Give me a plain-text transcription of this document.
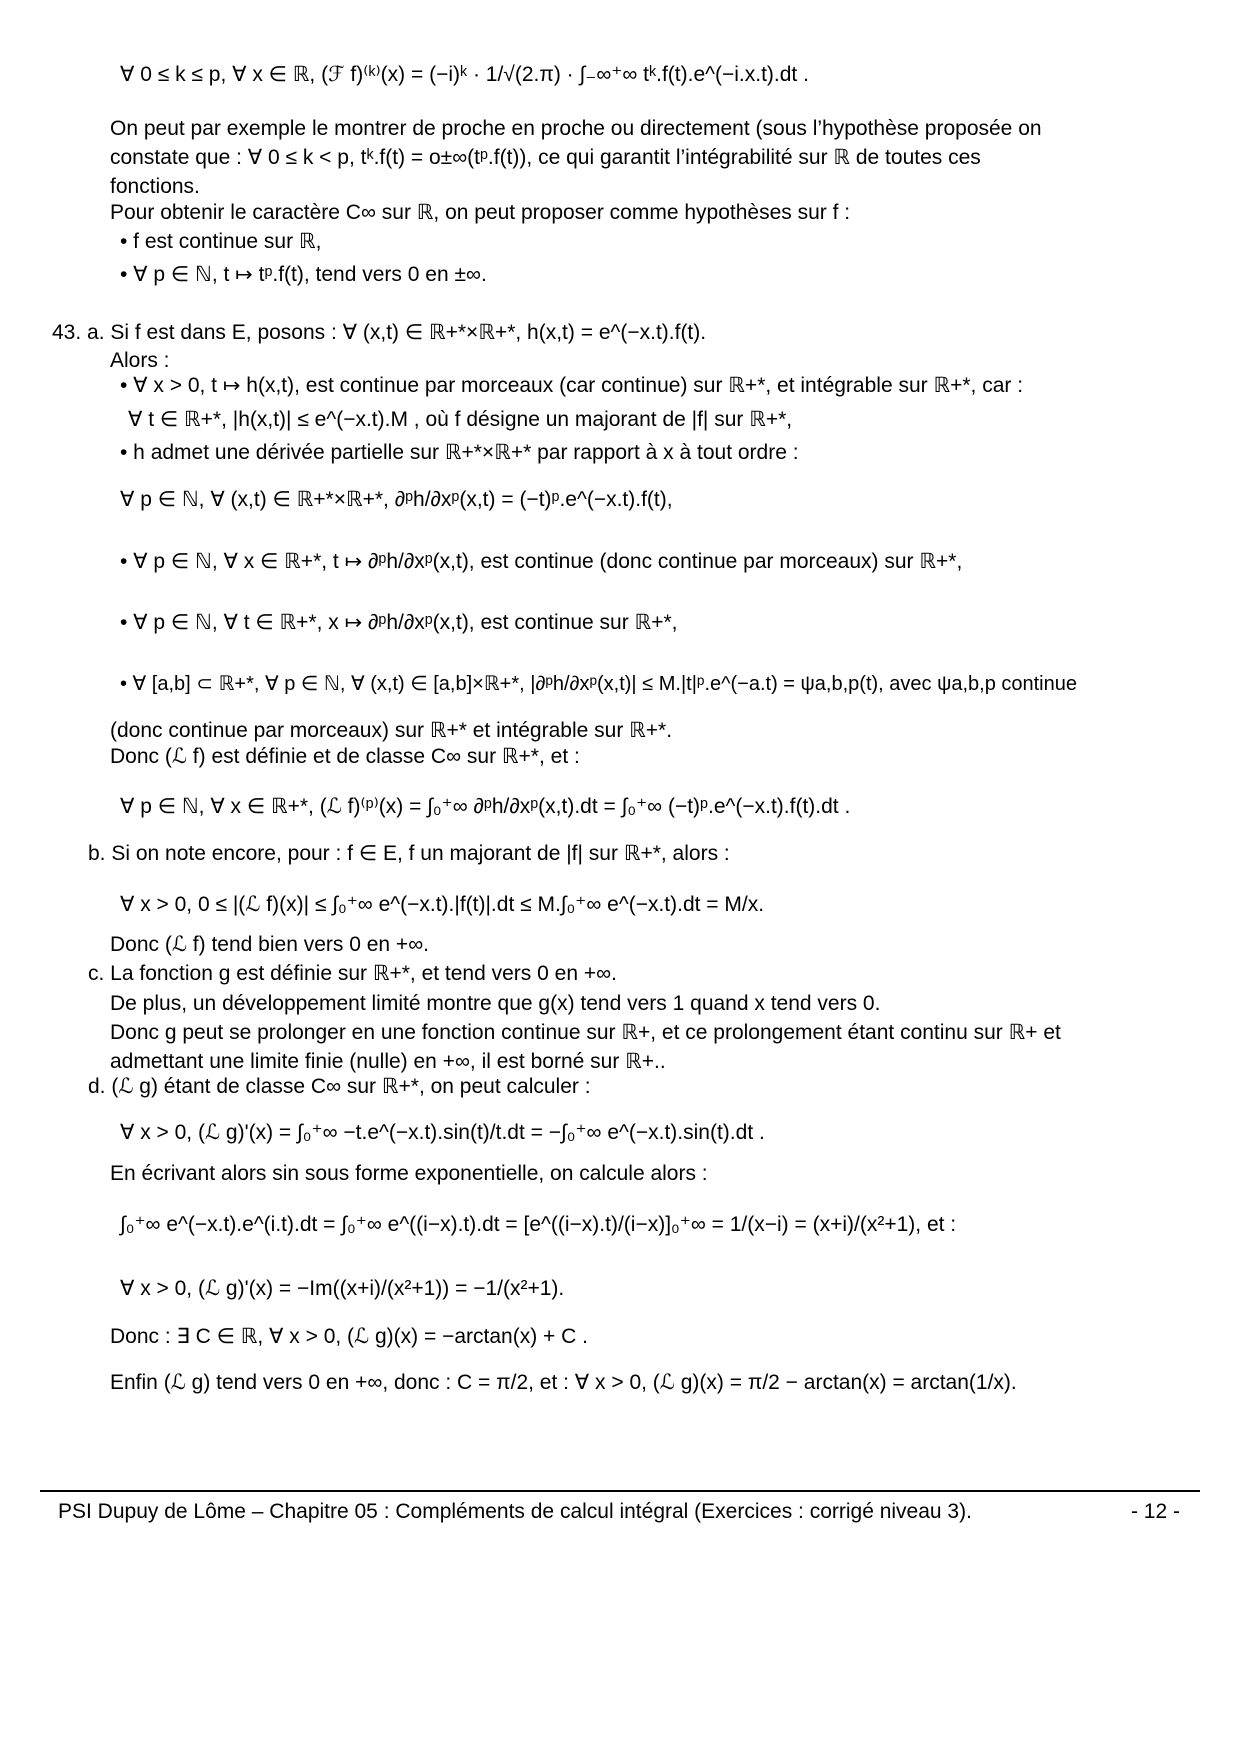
∀ 0 ≤ k ≤ p, ∀ x ∈ ℝ, (ℱ f)⁽ᵏ⁾(x) = (−i)ᵏ · 1/√(2.π) · ∫₋∞⁺∞ tᵏ.f(t).e^(−i.x.t).dt .
On peut par exemple le montrer de proche en proche ou directement (sous l’hypothèse proposée on
constate que : ∀ 0 ≤ k < p, tᵏ.f(t) = o±∞(tᵖ.f(t)), ce qui garantit l’intégrabilité sur ℝ de toutes ces
fonctions.
Pour obtenir le caractère C∞ sur ℝ, on peut proposer comme hypothèses sur f :
• f est continue sur ℝ,
• ∀ p ∈ ℕ, t ↦ tᵖ.f(t), tend vers 0 en ±∞.
43. a. Si f est dans E, posons : ∀ (x,t) ∈ ℝ+*×ℝ+*, h(x,t) = e^(−x.t).f(t).
Alors :
• ∀ x > 0, t ↦ h(x,t), est continue par morceaux (car continue) sur ℝ+*, et intégrable sur ℝ+*, car :
∀ t ∈ ℝ+*, |h(x,t)| ≤ e^(−x.t).M , où f désigne un majorant de |f| sur ℝ+*,
• h admet une dérivée partielle sur ℝ+*×ℝ+* par rapport à x à tout ordre :
∀ p ∈ ℕ, ∀ (x,t) ∈ ℝ+*×ℝ+*, ∂ᵖh/∂xᵖ(x,t) = (−t)ᵖ.e^(−x.t).f(t),
• ∀ p ∈ ℕ, ∀ x ∈ ℝ+*, t ↦ ∂ᵖh/∂xᵖ(x,t), est continue (donc continue par morceaux) sur ℝ+*,
• ∀ p ∈ ℕ, ∀ t ∈ ℝ+*, x ↦ ∂ᵖh/∂xᵖ(x,t), est continue sur ℝ+*,
• ∀ [a,b] ⊂ ℝ+*, ∀ p ∈ ℕ, ∀ (x,t) ∈ [a,b]×ℝ+*, |∂ᵖh/∂xᵖ(x,t)| ≤ M.|t|ᵖ.e^(−a.t) = ψa,b,p(t), avec ψa,b,p continue
(donc continue par morceaux) sur ℝ+* et intégrable sur ℝ+*.
Donc (ℒ f) est définie et de classe C∞ sur ℝ+*, et :
∀ p ∈ ℕ, ∀ x ∈ ℝ+*, (ℒ f)⁽ᵖ⁾(x) = ∫₀⁺∞ ∂ᵖh/∂xᵖ(x,t).dt = ∫₀⁺∞ (−t)ᵖ.e^(−x.t).f(t).dt .
b. Si on note encore, pour : f ∈ E, f un majorant de |f| sur ℝ+*, alors :
∀ x > 0, 0 ≤ |(ℒ f)(x)| ≤ ∫₀⁺∞ e^(−x.t).|f(t)|.dt ≤ M.∫₀⁺∞ e^(−x.t).dt = M/x.
Donc (ℒ f) tend bien vers 0 en +∞.
c. La fonction g est définie sur ℝ+*, et tend vers 0 en +∞.
De plus, un développement limité montre que g(x) tend vers 1 quand x tend vers 0.
Donc g peut se prolonger en une fonction continue sur ℝ+, et ce prolongement étant continu sur ℝ+ et
admettant une limite finie (nulle) en +∞, il est borné sur ℝ+..
d. (ℒ g) étant de classe C∞ sur ℝ+*, on peut calculer :
∀ x > 0, (ℒ g)'(x) = ∫₀⁺∞ −t.e^(−x.t).sin(t)/t.dt = −∫₀⁺∞ e^(−x.t).sin(t).dt .
En écrivant alors sin sous forme exponentielle, on calcule alors :
∫₀⁺∞ e^(−x.t).e^(i.t).dt = ∫₀⁺∞ e^((i−x).t).dt = [e^((i−x).t)/(i−x)]₀⁺∞ = 1/(x−i) = (x+i)/(x²+1), et :
∀ x > 0, (ℒ g)'(x) = −Im((x+i)/(x²+1)) = −1/(x²+1).
Donc : ∃ C ∈ ℝ, ∀ x > 0, (ℒ g)(x) = −arctan(x) + C .
Enfin (ℒ g) tend vers 0 en +∞, donc : C = π/2, et : ∀ x > 0, (ℒ g)(x) = π/2 − arctan(x) = arctan(1/x).
PSI Dupuy de Lôme – Chapitre 05 : Compléments de calcul intégral (Exercices : corrigé niveau 3).	- 12 -
